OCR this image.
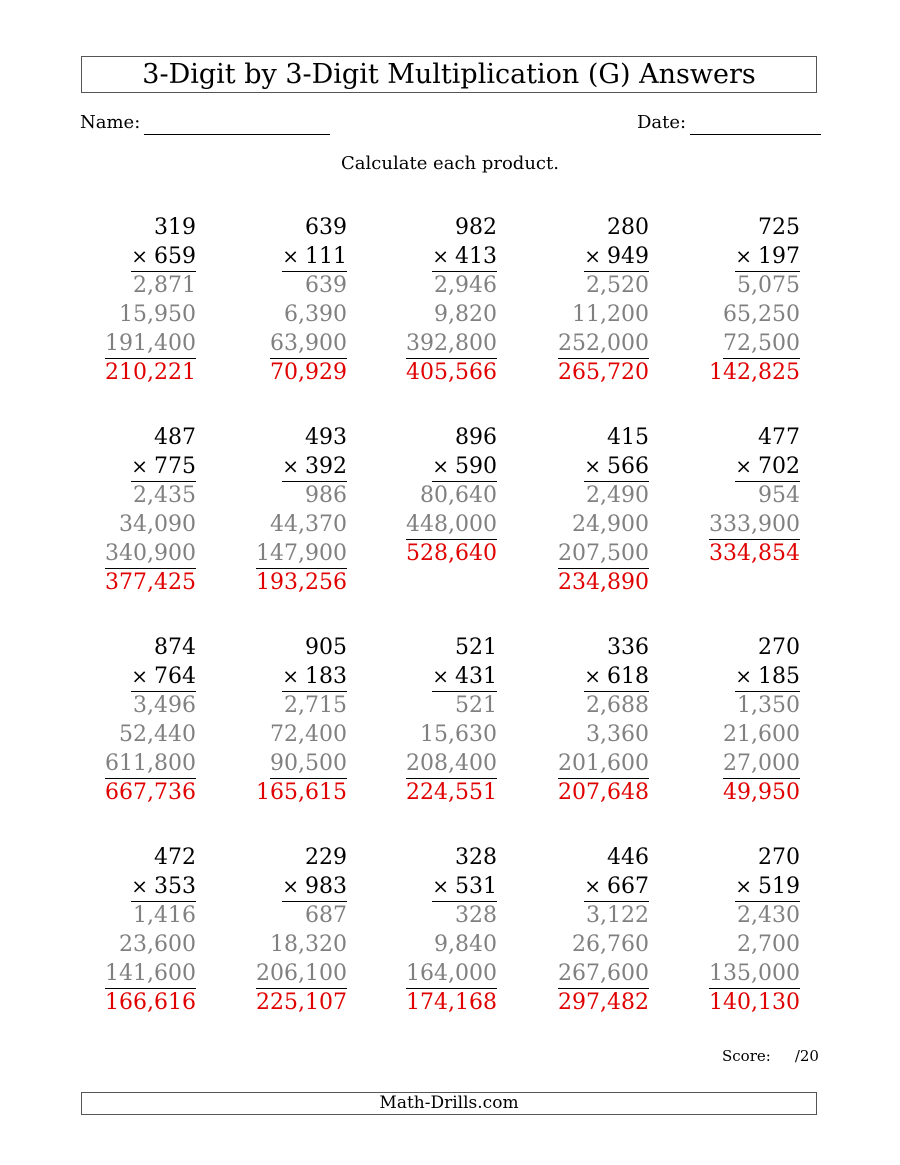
3-Digit by 3-Digit Multiplication (G) Answers
Name:	Date:
Calculate each product.
319
× 659
2,871
15,950
191,400
210,221
639
× 111
639
6,390
63,900
70,929
982
× 413
2,946
9,820
392,800
405,566
280
× 949
2,520
11,200
252,000
265,720
725
× 197
5,075
65,250
72,500
142,825
487
× 775
2,435
34,090
340,900
377,425
493
× 392
986
44,370
147,900
193,256
896
× 590
80,640
448,000
528,640
415
× 566
2,490
24,900
207,500
234,890
477
× 702
954
333,900
334,854
874
× 764
3,496
52,440
611,800
667,736
905
× 183
2,715
72,400
90,500
165,615
521
× 431
521
15,630
208,400
224,551
336
× 618
2,688
3,360
201,600
207,648
270
× 185
1,350
21,600
27,000
49,950
472
× 353
1,416
23,600
141,600
166,616
229
× 983
687
18,320
206,100
225,107
328
× 531
328
9,840
164,000
174,168
446
× 667
3,122
26,760
267,600
297,482
270
× 519
2,430
2,700
135,000
140,130
Score: /20
Math-Drills.com
